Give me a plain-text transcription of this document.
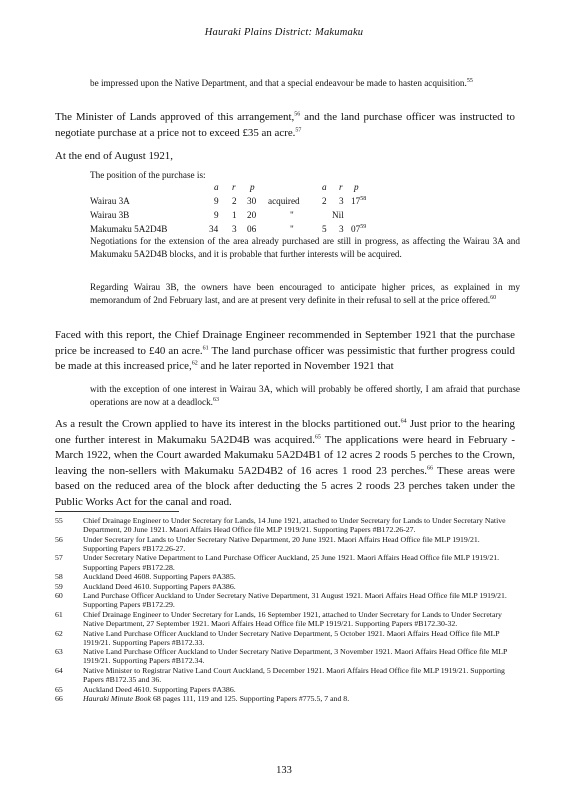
Hauraki Plains District: Makumaku

be impressed upon the Native Department, and that a special endeavour be made to hasten acquisition.$^{55}$

The Minister of Lands approved of this arrangement,$^{56}$ and the land purchase officer was instructed to negotiate purchase at a price not to exceed £35 an acre.$^{57}$

At the end of August 1921,

The position of the purchase is:

a r p	a r p
Wairau 3A	9 2 30 acquired 2 3 $17^{58}$
Wairau 3B	9 1 20	"	Nil
Makumaku 5A2D4B	34 3 06	"	5 3 $07^{59}$

Negotiations for the extension of the area already purchased are still in progress, as affecting the Wairau 3A and Makumaku 5A2D4B blocks, and it is probable that further interests will be acquired.

Regarding Wairau 3B, the owners have been encouraged to anticipate higher prices, as explained in my memorandum of 2nd February last, and are at present very definite in their refusal to sell at the price offered.$^{60}$

Faced with this report, the Chief Drainage Engineer recommended in September 1921 that the purchase price be increased to £40 an acre.$^{61}$ The land purchase officer was pessimistic that further progress could be made at this increased price,$^{62}$ and he later reported in November 1921 that

with the exception of one interest in Wairau 3A, which will probably be offered shortly, I am afraid that purchase operations are now at a deadlock.$^{63}$

As a result the Crown applied to have its interest in the blocks partitioned out.$^{64}$ Just prior to the hearing one further interest in Makumaku 5A2D4B was acquired.$^{65}$ The applications were heard in February - March 1922, when the Court awarded Makumaku 5A2D4B1 of 12 acres 2 roods 5 perches to the Crown, leaving the non-sellers with Makumaku 5A2D4B2 of 16 acres 1 rood 23 perches.$^{66}$ These areas were based on the reduced area of the block after deducting the 5 acres 2 roods 23 perches taken under the Public Works Act for the canal and road.

55	Chief Drainage Engineer to Under Secretary for Lands, 14 June 1921, attached to Under Secretary for Lands to Under Secretary Native Department, 20 June 1921. Maori Affairs Head Office file MLP 1919/21. Supporting Papers #B172.26-27.
56	Under Secretary for Lands to Under Secretary Native Department, 20 June 1921. Maori Affairs Head Office file MLP 1919/21. Supporting Papers #B172.26-27.
57	Under Secretary Native Department to Land Purchase Officer Auckland, 25 June 1921. Maori Affairs Head Office file MLP 1919/21. Supporting Papers #B172.28.
58	Auckland Deed 4608. Supporting Papers #A385.
59	Auckland Deed 4610. Supporting Papers #A386.
60	Land Purchase Officer Auckland to Under Secretary Native Department, 31 August 1921. Maori Affairs Head Office file MLP 1919/21. Supporting Papers #B172.29.
61	Chief Drainage Engineer to Under Secretary for Lands, 16 September 1921, attached to Under Secretary for Lands to Under Secretary Native Department, 27 September 1921. Maori Affairs Head Office file MLP 1919/21. Supporting Papers #B172.30-32.
62	Native Land Purchase Officer Auckland to Under Secretary Native Department, 5 October 1921. Maori Affairs Head Office file MLP 1919/21. Supporting Papers #B172.33.
63	Native Land Purchase Officer Auckland to Under Secretary Native Department, 3 November 1921. Maori Affairs Head Office file MLP 1919/21. Supporting Papers #B172.34.
64	Native Minister to Registrar Native Land Court Auckland, 5 December 1921. Maori Affairs Head Office file MLP 1919/21. Supporting Papers #B172.35 and 36.
65	Auckland Deed 4610. Supporting Papers #A386.
66	Hauraki Minute Book 68 pages 111, 119 and 125. Supporting Papers #775.5, 7 and 8.
133
